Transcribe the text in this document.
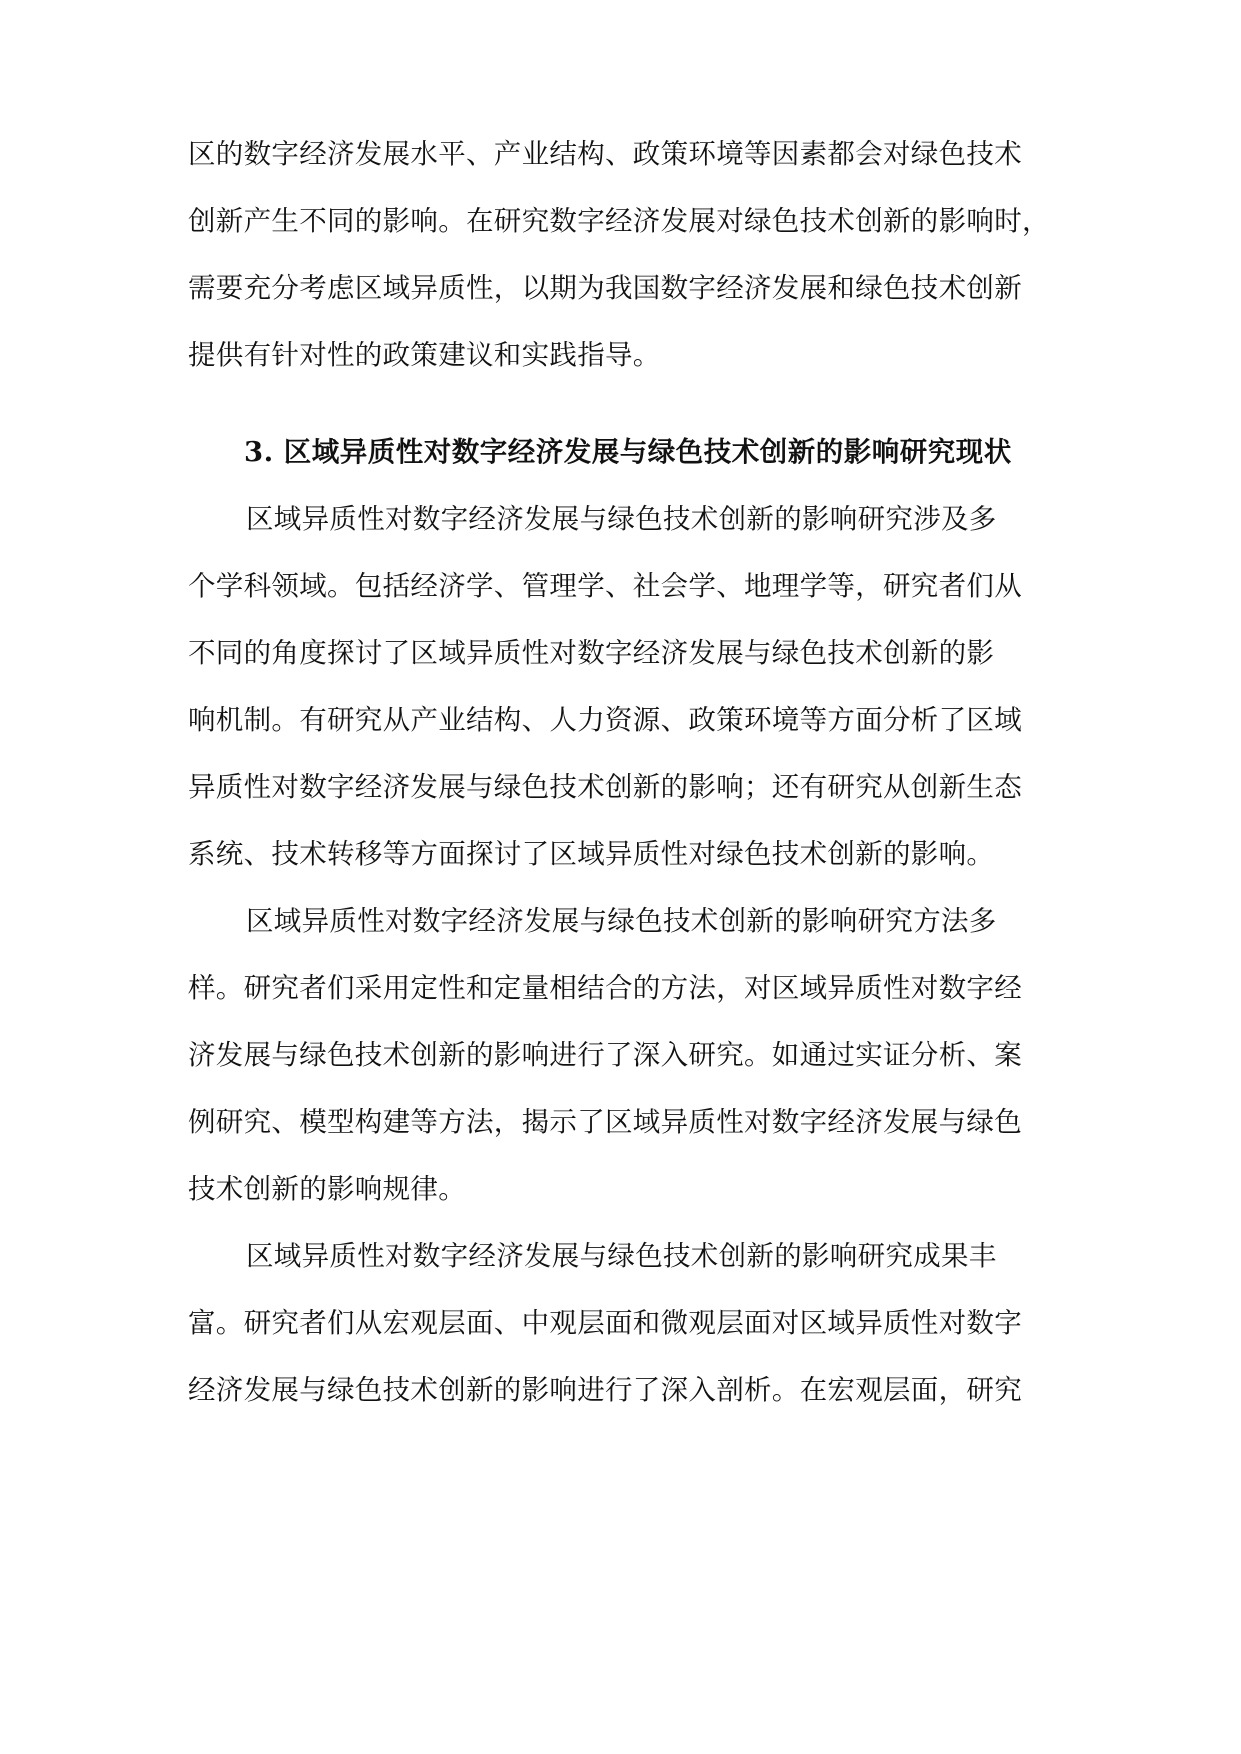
区的数字经济发展水平、产业结构、政策环境等因素都会对绿色技术
创新产生不同的影响。在研究数字经济发展对绿色技术创新的影响时，
需要充分考虑区域异质性，以期为我国数字经济发展和绿色技术创新
提供有针对性的政策建议和实践指导。
3. 区域异质性对数字经济发展与绿色技术创新的影响研究现状
区域异质性对数字经济发展与绿色技术创新的影响研究涉及多
个学科领域。包括经济学、管理学、社会学、地理学等，研究者们从
不同的角度探讨了区域异质性对数字经济发展与绿色技术创新的影
响机制。有研究从产业结构、人力资源、政策环境等方面分析了区域
异质性对数字经济发展与绿色技术创新的影响；还有研究从创新生态
系统、技术转移等方面探讨了区域异质性对绿色技术创新的影响。
区域异质性对数字经济发展与绿色技术创新的影响研究方法多
样。研究者们采用定性和定量相结合的方法，对区域异质性对数字经
济发展与绿色技术创新的影响进行了深入研究。如通过实证分析、案
例研究、模型构建等方法，揭示了区域异质性对数字经济发展与绿色
技术创新的影响规律。
区域异质性对数字经济发展与绿色技术创新的影响研究成果丰
富。研究者们从宏观层面、中观层面和微观层面对区域异质性对数字
经济发展与绿色技术创新的影响进行了深入剖析。在宏观层面，研究
